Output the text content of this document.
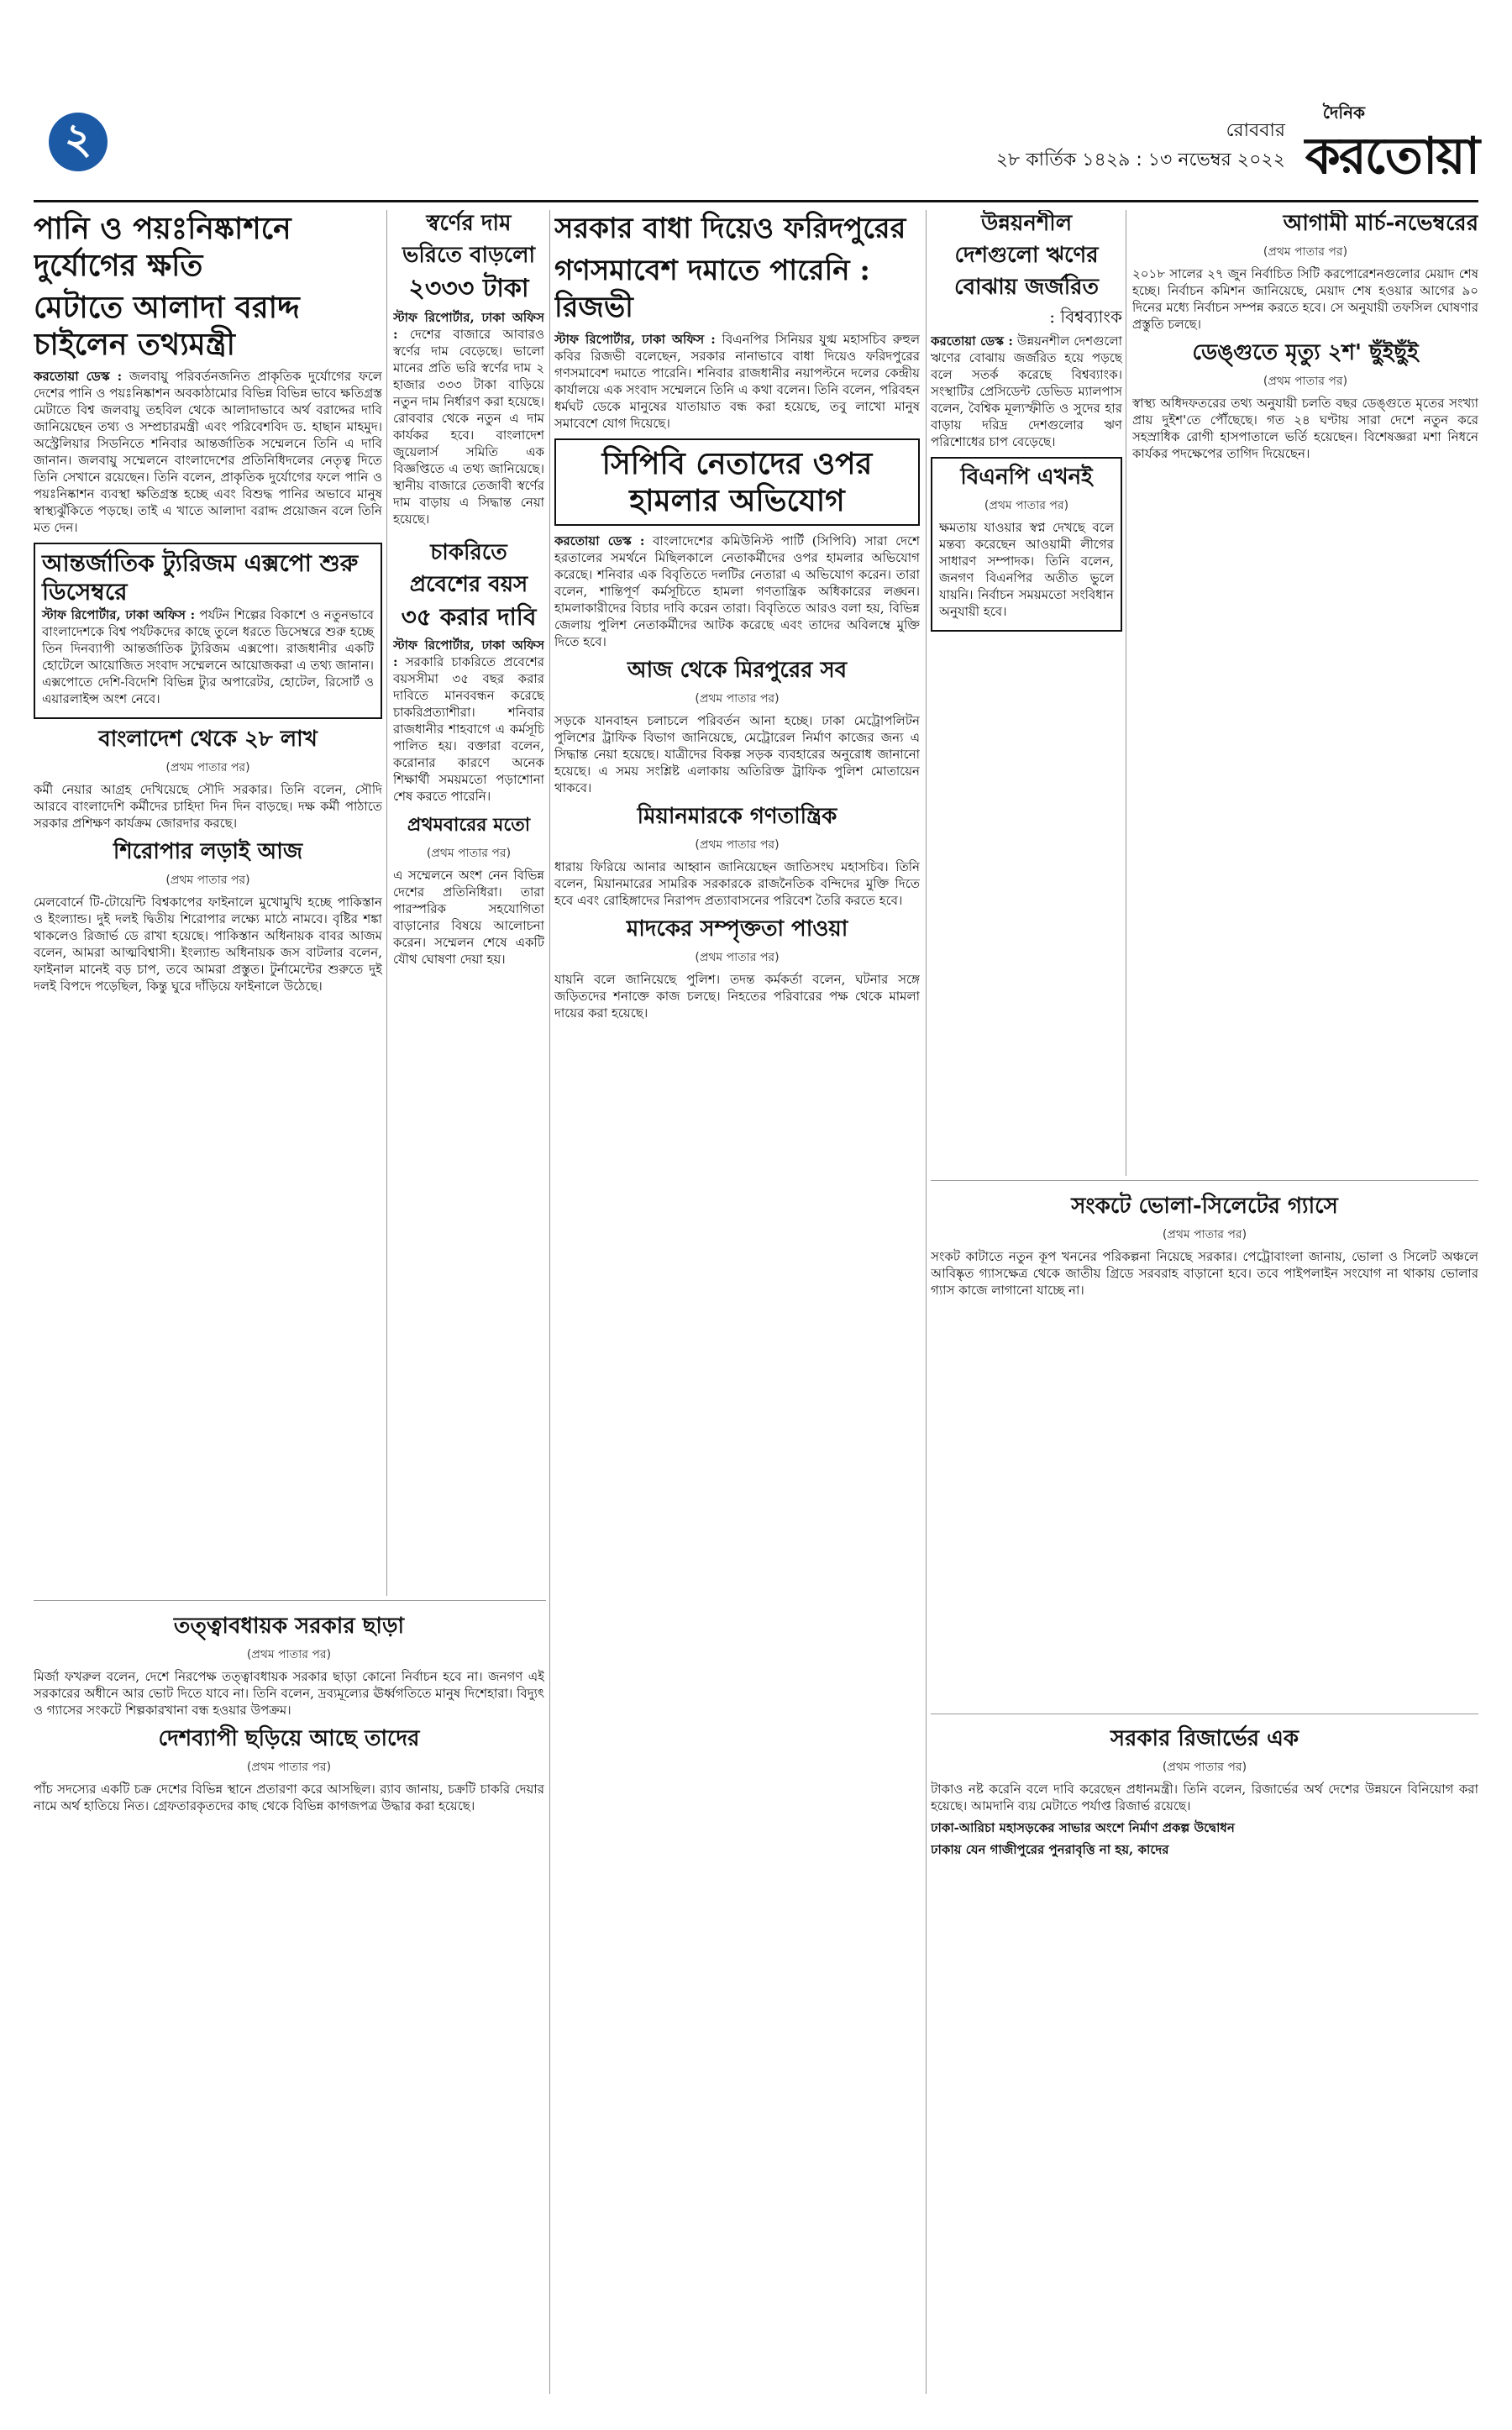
২	রোববার
২৮ কার্তিক ১৪২৯ : ১৩ নভেম্বর ২০২২
দৈনিক
করতোয়া
পানি ও পয়ঃনিষ্কাশনে দুর্যোগের ক্ষতি
মেটাতে আলাদা বরাদ্দ চাইলেন তথ্যমন্ত্রী

করতোয়া ডেস্ক : জলবায়ু পরিবর্তনজনিত প্রাকৃতিক দুর্যোগের ফলে দেশের পানি ও পয়ঃনিষ্কাশন অবকাঠামোর বিভিন্ন বিভিন্ন ভাবে ক্ষতিগ্রস্ত মেটাতে বিশ্ব জলবায়ু তহবিল থেকে আলাদাভাবে অর্থ বরাদ্দের দাবি জানিয়েছেন তথ্য ও সম্প্রচারমন্ত্রী এবং পরিবেশবিদ ড. হাছান মাহমুদ। অস্ট্রেলিয়ার সিডনিতে শনিবার আন্তর্জাতিক সম্মেলনে তিনি এ দাবি জানান। জলবায়ু সম্মেলনে বাংলাদেশের প্রতিনিধিদলের নেতৃত্ব দিতে তিনি সেখানে রয়েছেন। তিনি বলেন, প্রাকৃতিক দুর্যোগের ফলে পানি ও পয়ঃনিষ্কাশন ব্যবস্থা ক্ষতিগ্রস্ত হচ্ছে এবং বিশুদ্ধ পানির অভাবে মানুষ স্বাস্থ্যঝুঁকিতে পড়ছে। তাই এ খাতে আলাদা বরাদ্দ প্রয়োজন বলে তিনি মত দেন।

আন্তর্জাতিক ট্যুরিজম এক্সপো শুরু ডিসেম্বরে

স্টাফ রিপোর্টার, ঢাকা অফিস : পর্যটন শিল্পের বিকাশে ও নতুনভাবে বাংলাদেশকে বিশ্ব পর্যটকদের কাছে তুলে ধরতে ডিসেম্বরে শুরু হচ্ছে তিন দিনব্যাপী আন্তর্জাতিক ট্যুরিজম এক্সপো। রাজধানীর একটি হোটেলে আয়োজিত সংবাদ সম্মেলনে আয়োজকরা এ তথ্য জানান। এক্সপোতে দেশি-বিদেশি বিভিন্ন ট্যুর অপারেটর, হোটেল, রিসোর্ট ও এয়ারলাইন্স অংশ নেবে।

বাংলাদেশ থেকে ২৮ লাখ
(প্রথম পাতার পর)

কর্মী নেয়ার আগ্রহ দেখিয়েছে সৌদি সরকার। তিনি বলেন, সৌদি আরবে বাংলাদেশি কর্মীদের চাহিদা দিন দিন বাড়ছে। দক্ষ কর্মী পাঠাতে সরকার প্রশিক্ষণ কার্যক্রম জোরদার করছে।

শিরোপার লড়াই আজ
(প্রথম পাতার পর)

মেলবোর্নে টি-টোয়েন্টি বিশ্বকাপের ফাইনালে মুখোমুখি হচ্ছে পাকিস্তান ও ইংল্যান্ড। দুই দলই দ্বিতীয় শিরোপার লক্ষ্যে মাঠে নামবে। বৃষ্টির শঙ্কা থাকলেও রিজার্ভ ডে রাখা হয়েছে। পাকিস্তান অধিনায়ক বাবর আজম বলেন, আমরা আত্মবিশ্বাসী। ইংল্যান্ড অধিনায়ক জস বাটলার বলেন, ফাইনাল মানেই বড় চাপ, তবে আমরা প্রস্তুত। টুর্নামেন্টের শুরুতে দুই দলই বিপদে পড়েছিল, কিন্তু ঘুরে দাঁড়িয়ে ফাইনালে উঠেছে।

স্বর্ণের দাম
ভরিতে বাড়লো
২৩৩৩ টাকা

স্টাফ রিপোর্টার, ঢাকা অফিস : দেশের বাজারে আবারও স্বর্ণের দাম বেড়েছে। ভালো মানের প্রতি ভরি স্বর্ণের দাম ২ হাজার ৩৩৩ টাকা বাড়িয়ে নতুন দাম নির্ধারণ করা হয়েছে। রোববার থেকে নতুন এ দাম কার্যকর হবে। বাংলাদেশ জুয়েলার্স সমিতি এক বিজ্ঞপ্তিতে এ তথ্য জানিয়েছে। স্থানীয় বাজারে তেজাবী স্বর্ণের দাম বাড়ায় এ সিদ্ধান্ত নেয়া হয়েছে।

চাকরিতে
প্রবেশের বয়স
৩৫ করার দাবি

স্টাফ রিপোর্টার, ঢাকা অফিস : সরকারি চাকরিতে প্রবেশের বয়সসীমা ৩৫ বছর করার দাবিতে মানববন্ধন করেছে চাকরিপ্রত্যাশীরা। শনিবার রাজধানীর শাহবাগে এ কর্মসূচি পালিত হয়। বক্তারা বলেন, করোনার কারণে অনেক শিক্ষার্থী সময়মতো পড়াশোনা শেষ করতে পারেনি।

প্রথমবারের মতো
(প্রথম পাতার পর)

এ সম্মেলনে অংশ নেন বিভিন্ন দেশের প্রতিনিধিরা। তারা পারস্পরিক সহযোগিতা বাড়ানোর বিষয়ে আলোচনা করেন। সম্মেলন শেষে একটি যৌথ ঘোষণা দেয়া হয়।

সরকার বাধা দিয়েও ফরিদপুরের
গণসমাবেশ দমাতে পারেনি : রিজভী

স্টাফ রিপোর্টার, ঢাকা অফিস : বিএনপির সিনিয়র যুগ্ম মহাসচিব রুহুল কবির রিজভী বলেছেন, সরকার নানাভাবে বাধা দিয়েও ফরিদপুরের গণসমাবেশ দমাতে পারেনি। শনিবার রাজধানীর নয়াপল্টনে দলের কেন্দ্রীয় কার্যালয়ে এক সংবাদ সম্মেলনে তিনি এ কথা বলেন। তিনি বলেন, পরিবহন ধর্মঘট ডেকে মানুষের যাতায়াত বন্ধ করা হয়েছে, তবু লাখো মানুষ সমাবেশে যোগ দিয়েছে।

সিপিবি নেতাদের ওপর
হামলার অভিযোগ

করতোয়া ডেস্ক : বাংলাদেশের কমিউনিস্ট পার্টি (সিপিবি) সারা দেশে হরতালের সমর্থনে মিছিলকালে নেতাকর্মীদের ওপর হামলার অভিযোগ করেছে। শনিবার এক বিবৃতিতে দলটির নেতারা এ অভিযোগ করেন। তারা বলেন, শান্তিপূর্ণ কর্মসূচিতে হামলা গণতান্ত্রিক অধিকারের লঙ্ঘন। হামলাকারীদের বিচার দাবি করেন তারা। বিবৃতিতে আরও বলা হয়, বিভিন্ন জেলায় পুলিশ নেতাকর্মীদের আটক করেছে এবং তাদের অবিলম্বে মুক্তি দিতে হবে।

আজ থেকে মিরপুরের সব
(প্রথম পাতার পর)

সড়কে যানবাহন চলাচলে পরিবর্তন আনা হচ্ছে। ঢাকা মেট্রোপলিটন পুলিশের ট্রাফিক বিভাগ জানিয়েছে, মেট্রোরেল নির্মাণ কাজের জন্য এ সিদ্ধান্ত নেয়া হয়েছে। যাত্রীদের বিকল্প সড়ক ব্যবহারের অনুরোধ জানানো হয়েছে। এ সময় সংশ্লিষ্ট এলাকায় অতিরিক্ত ট্রাফিক পুলিশ মোতায়েন থাকবে।

মিয়ানমারকে গণতান্ত্রিক
(প্রথম পাতার পর)

ধারায় ফিরিয়ে আনার আহ্বান জানিয়েছেন জাতিসংঘ মহাসচিব। তিনি বলেন, মিয়ানমারের সামরিক সরকারকে রাজনৈতিক বন্দিদের মুক্তি দিতে হবে এবং রোহিঙ্গাদের নিরাপদ প্রত্যাবাসনের পরিবেশ তৈরি করতে হবে।

মাদকের সম্পৃক্ততা পাওয়া
(প্রথম পাতার পর)

যায়নি বলে জানিয়েছে পুলিশ। তদন্ত কর্মকর্তা বলেন, ঘটনার সঙ্গে জড়িতদের শনাক্তে কাজ চলছে। নিহতের পরিবারের পক্ষ থেকে মামলা দায়ের করা হয়েছে।

তত্ত্বাবধায়ক সরকার ছাড়া
(প্রথম পাতার পর)

মির্জা ফখরুল বলেন, দেশে নিরপেক্ষ তত্ত্বাবধায়ক সরকার ছাড়া কোনো নির্বাচন হবে না। জনগণ এই সরকারের অধীনে আর ভোট দিতে যাবে না। তিনি বলেন, দ্রব্যমূল্যের ঊর্ধ্বগতিতে মানুষ দিশেহারা। বিদ্যুৎ ও গ্যাসের সংকটে শিল্পকারখানা বন্ধ হওয়ার উপক্রম।

দেশব্যাপী ছড়িয়ে আছে তাদের
(প্রথম পাতার পর)

পাঁচ সদস্যের একটি চক্র দেশের বিভিন্ন স্থানে প্রতারণা করে আসছিল। র‌্যাব জানায়, চক্রটি চাকরি দেয়ার নামে অর্থ হাতিয়ে নিত। গ্রেফতারকৃতদের কাছ থেকে বিভিন্ন কাগজপত্র উদ্ধার করা হয়েছে।

উন্নয়নশীল
দেশগুলো ঋণের
বোঝায় জর্জরিত
: বিশ্বব্যাংক

করতোয়া ডেস্ক : উন্নয়নশীল দেশগুলো ঋণের বোঝায় জর্জরিত হয়ে পড়ছে বলে সতর্ক করেছে বিশ্বব্যাংক। সংস্থাটির প্রেসিডেন্ট ডেভিড ম্যালপাস বলেন, বৈশ্বিক মূল্যস্ফীতি ও সুদের হার বাড়ায় দরিদ্র দেশগুলোর ঋণ পরিশোধের চাপ বেড়েছে।

বিএনপি এখনই
(প্রথম পাতার পর)

ক্ষমতায় যাওয়ার স্বপ্ন দেখছে বলে মন্তব্য করেছেন আওয়ামী লীগের সাধারণ সম্পাদক। তিনি বলেন, জনগণ বিএনপির অতীত ভুলে যায়নি। নির্বাচন সময়মতো সংবিধান অনুযায়ী হবে।

আগামী মার্চ-নভেম্বরের
(প্রথম পাতার পর)

২০১৮ সালের ২৭ জুন নির্বাচিত সিটি করপোরেশনগুলোর মেয়াদ শেষ হচ্ছে। নির্বাচন কমিশন জানিয়েছে, মেয়াদ শেষ হওয়ার আগের ৯০ দিনের মধ্যে নির্বাচন সম্পন্ন করতে হবে। সে অনুযায়ী তফসিল ঘোষণার প্রস্তুতি চলছে।

ডেঙ্গুতে মৃত্যু ২শ' ছুঁইছুঁই
(প্রথম পাতার পর)

স্বাস্থ্য অধিদফতরের তথ্য অনুযায়ী চলতি বছর ডেঙ্গুতে মৃতের সংখ্যা প্রায় দুইশ'তে পৌঁছেছে। গত ২৪ ঘণ্টায় সারা দেশে নতুন করে সহস্রাধিক রোগী হাসপাতালে ভর্তি হয়েছেন। বিশেষজ্ঞরা মশা নিধনে কার্যকর পদক্ষেপের তাগিদ দিয়েছেন।

সংকটে ভোলা-সিলেটের গ্যাসে
(প্রথম পাতার পর)

সংকট কাটাতে নতুন কূপ খননের পরিকল্পনা নিয়েছে সরকার। পেট্রোবাংলা জানায়, ভোলা ও সিলেট অঞ্চলে আবিষ্কৃত গ্যাসক্ষেত্র থেকে জাতীয় গ্রিডে সরবরাহ বাড়ানো হবে। তবে পাইপলাইন সংযোগ না থাকায় ভোলার গ্যাস কাজে লাগানো যাচ্ছে না।

সরকার রিজার্ভের এক
(প্রথম পাতার পর)

টাকাও নষ্ট করেনি বলে দাবি করেছেন প্রধানমন্ত্রী। তিনি বলেন, রিজার্ভের অর্থ দেশের উন্নয়নে বিনিয়োগ করা হয়েছে। আমদানি ব্যয় মেটাতে পর্যাপ্ত রিজার্ভ রয়েছে।

ঢাকা-আরিচা মহাসড়কের সাভার অংশে নির্মাণ প্রকল্প উদ্বোধন

ঢাকায় যেন গাজীপুরের পুনরাবৃত্তি না হয়, কাদের
